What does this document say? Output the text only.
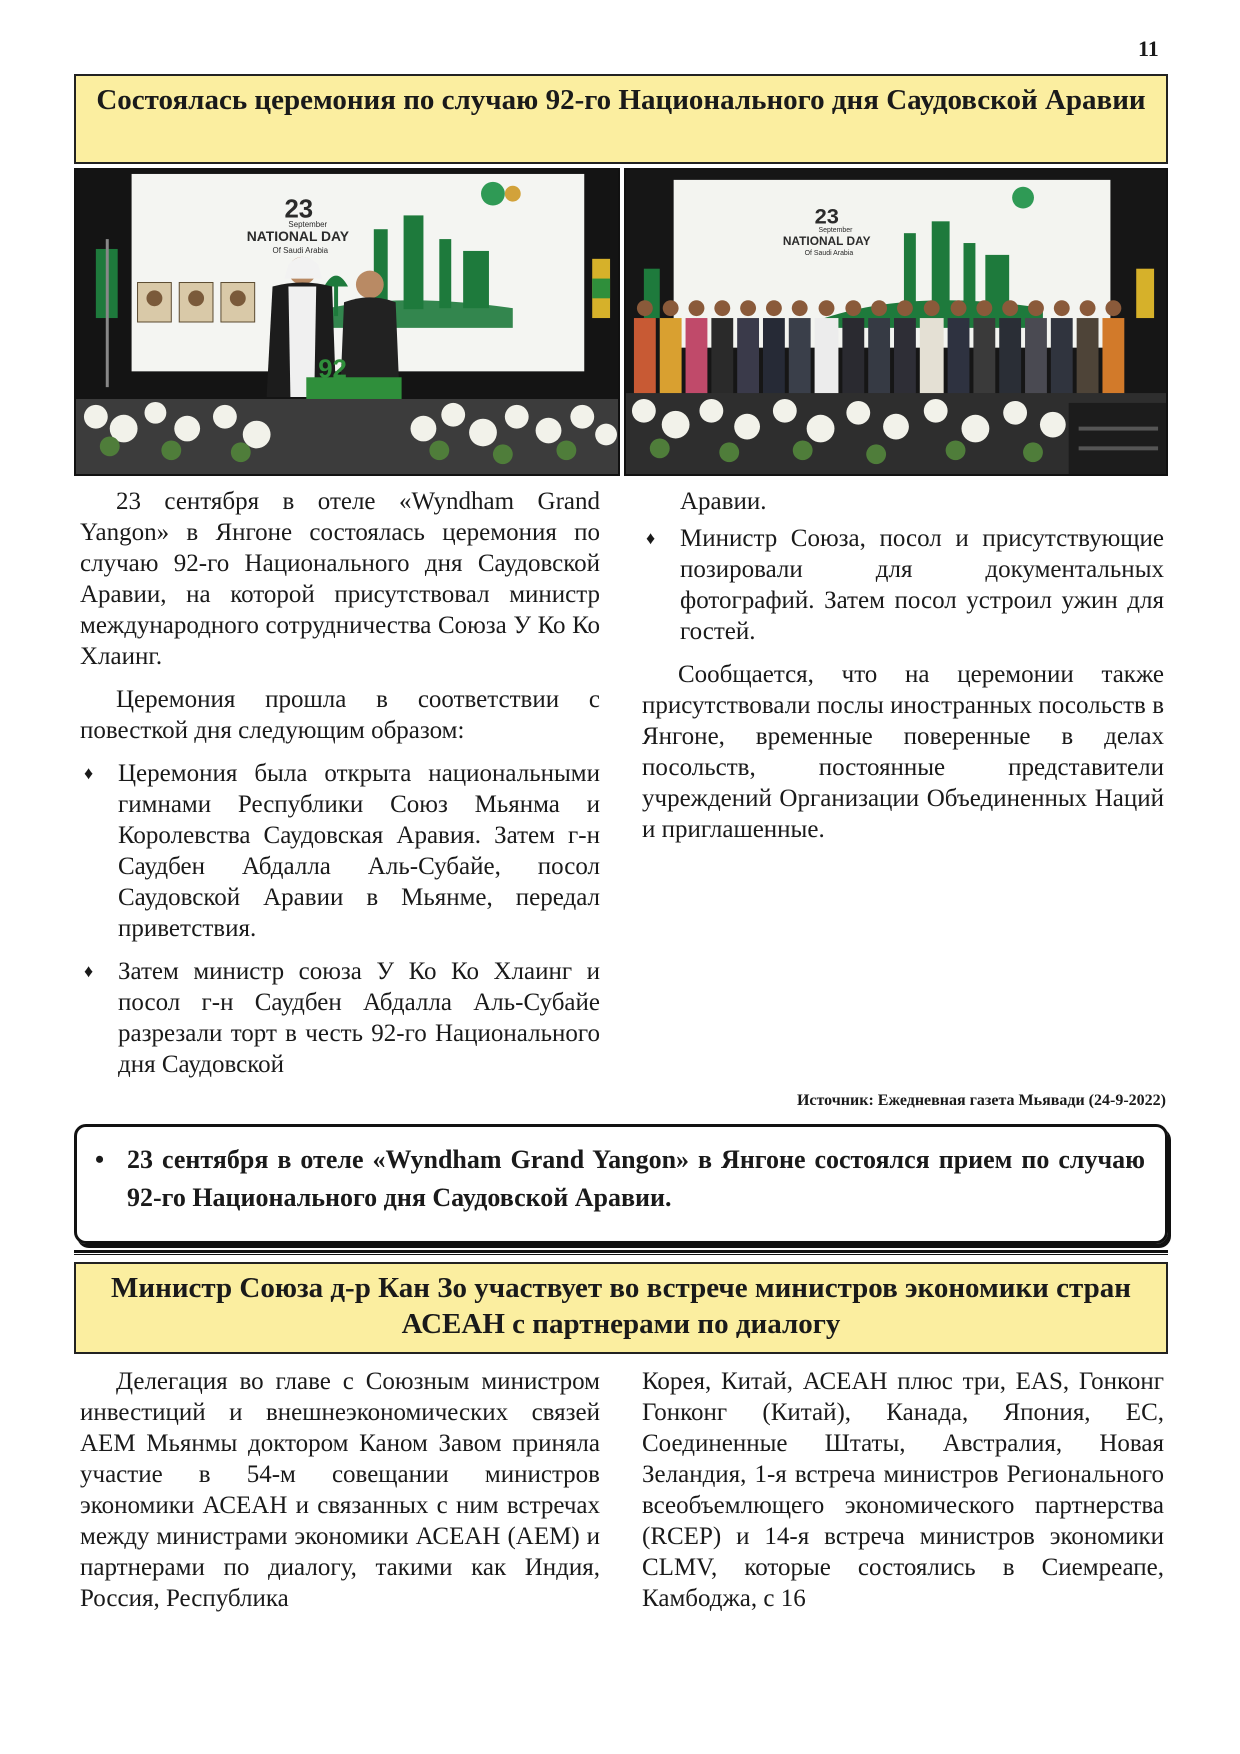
11
Состоялась церемония по случаю 92-го Национального дня Саудовской Аравии
23
September
NATIONAL DAY
Of Saudi Arabia
92
23
September
NATIONAL DAY
Of Saudi Arabia

23 сентября в отеле «Wyndham Grand Yangon» в Янгоне состоялась церемония по случаю 92-го Национального дня Саудовской Аравии, на которой присутствовал министр международного сотрудничества Союза У Ко Ко Хлаинг.

Церемония прошла в соответствии с повесткой дня следующим образом:

♦ Церемония была открыта национальными гимнами Республики Союз Мьянма и Королевства Саудовская Аравия. Затем г-н Саудбен Абдалла Аль-Субайе, посол Саудовской Аравии в Мьянме, передал приветствия.
♦ Затем министр союза У Ко Ко Хлаинг и посол г-н Саудбен Абдалла Аль-Субайе разрезали торт в честь 92-го Национального дня Саудовской
Аравии.
♦ Министр Союза, посол и присутствующие позировали для документальных фотографий. Затем посол устроил ужин для гостей.

Сообщается, что на церемонии также присутствовали послы иностранных посольств в Янгоне, временные поверенные в делах посольств, постоянные представители учреждений Организации Объединенных Наций и приглашенные.

Источник: Ежедневная газета Мьявади (24-9-2022)
• 23 сентября в отеле «Wyndham Grand Yangon» в Янгоне состоялся прием по случаю 92-го Национального дня Саудовской Аравии.
Министр Союза д-р Кан Зо участвует во встрече министров экономики стран АСЕАН с партнерами по диалогу

Делегация во главе с Союзным министром инвестиций и внешнеэкономических связей AEM Мьянмы доктором Каном Завом приняла участие в 54-м совещании министров экономики АСЕАН и связанных с ним встречах между министрами экономики АСЕАН (AEM) и партнерами по диалогу, такими как Индия, Россия, Республика

Корея, Китай, АСЕАН плюс три, EAS, Гонконг Гонконг (Китай), Канада, Япония, ЕС, Соединенные Штаты, Австралия, Новая Зеландия, 1-я встреча министров Регионального всеобъемлющего экономического партнерства (RCEP) и 14-я встреча министров экономики CLMV, которые состоялись в Сиемреапе, Камбоджа, с 16
